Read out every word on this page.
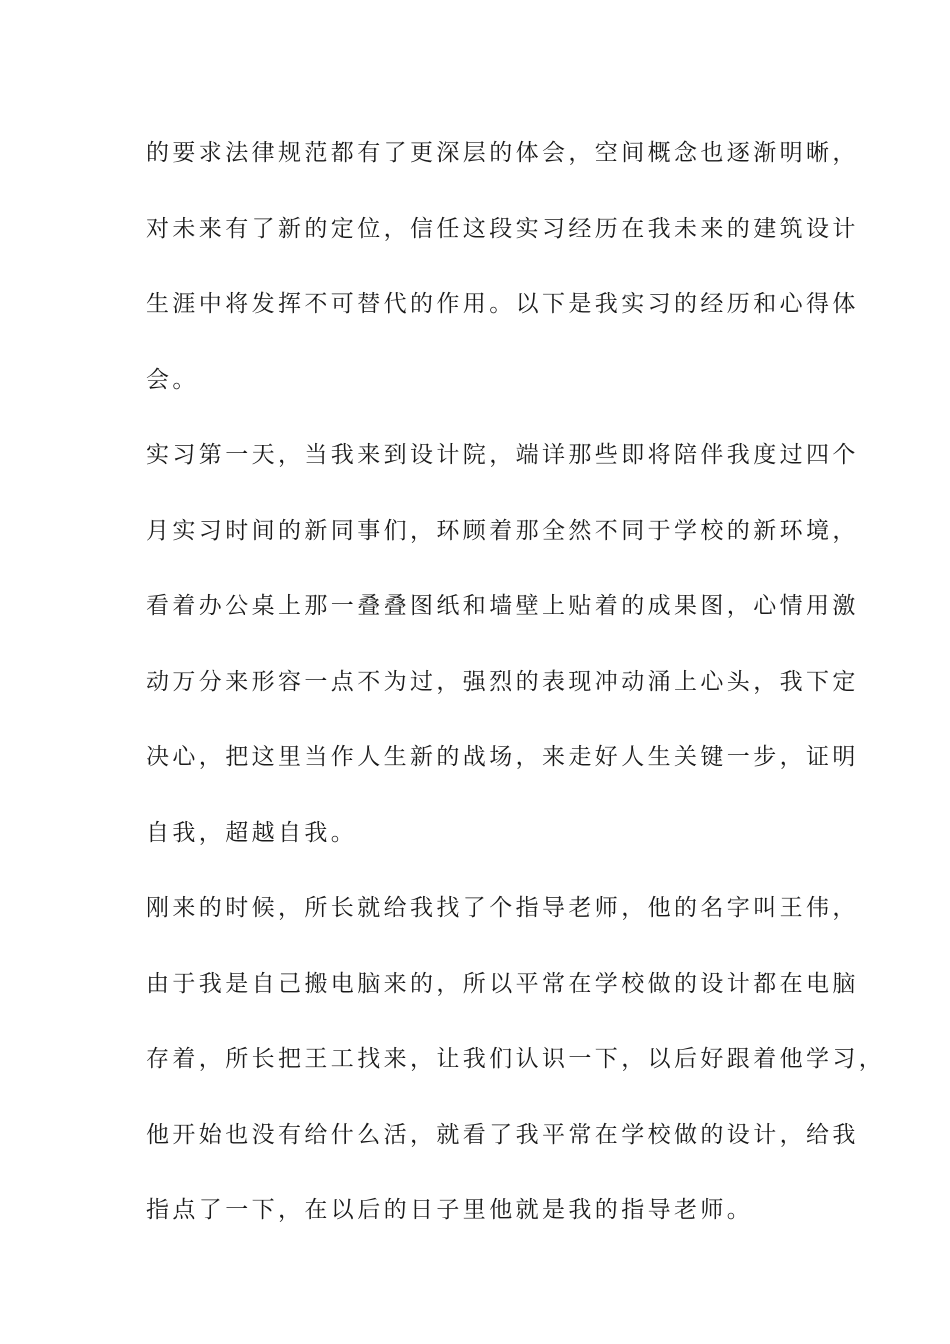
的要求法律规范都有了更深层的体会，空间概念也逐渐明晰，
对未来有了新的定位，信任这段实习经历在我未来的建筑设计
生涯中将发挥不可替代的作用。以下是我实习的经历和心得体
会。
实习第一天，当我来到设计院，端详那些即将陪伴我度过四个
月实习时间的新同事们，环顾着那全然不同于学校的新环境，
看着办公桌上那一叠叠图纸和墙壁上贴着的成果图，心情用激
动万分来形容一点不为过，强烈的表现冲动涌上心头，我下定
决心，把这里当作人生新的战场，来走好人生关键一步，证明
自我，超越自我。
刚来的时候，所长就给我找了个指导老师，他的名字叫王伟，
由于我是自己搬电脑来的，所以平常在学校做的设计都在电脑
存着，所长把王工找来，让我们认识一下，以后好跟着他学习，
他开始也没有给什么活，就看了我平常在学校做的设计，给我
指点了一下，在以后的日子里他就是我的指导老师。
